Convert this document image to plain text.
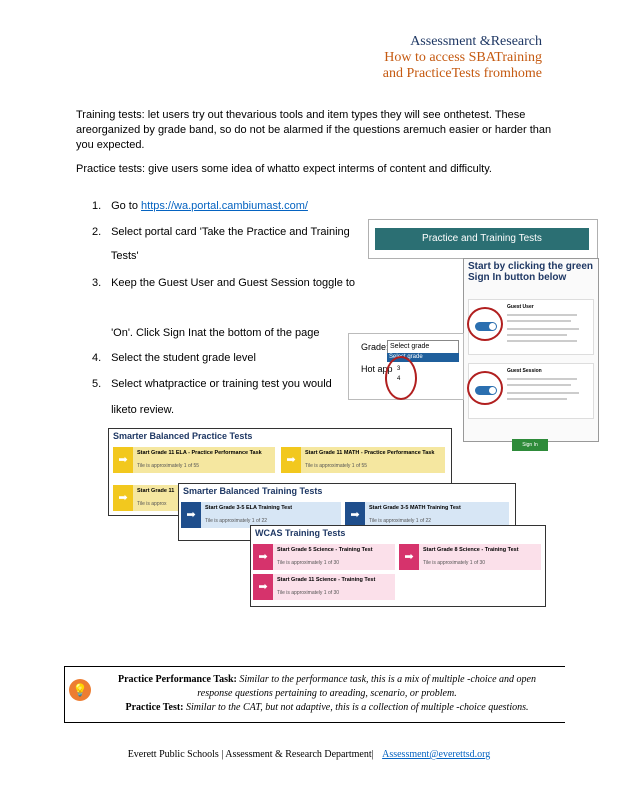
Assessment &Research
How to access SBATraining
and PracticeTests fromhome

Training tests: let users try out thevarious tools and item types they will see onthetest. These areorganized by grade band, so do not be alarmed if the questions aremuch easier or harder than you expected.

Practice tests: give users some idea of whatto expect interms of content and difficulty.

1. Go to https://wa.portal.cambiumast.com/
2. Select portal card 'Take the Practice and Training
Tests'
3. Keep the Guest User and Guest Session toggle to
'On'. Click Sign Inat the bottom of the page
4. Select the student grade level
5. Select whatpractice or training test you would
liketo review.
Practice and Training Tests
Start by clicking the green Sign In button below
Guest User
Guest Session
Sign In
Grade: Select grade
Select grade
Hot app 3
4
Smarter Balanced Practice Tests
➡
Start Grade 11 ELA - Practice Performance Task
Tile is approximately 1 of 55	➡
Start Grade 11 MATH - Practice Performance Task
Tile is approximately 1 of 55
➡
Start Grade 11
Tile is approx
Smarter Balanced Training Tests
➡
Start Grade 3-5 ELA Training Test
Tile is approximately 1 of 22	➡
Start Grade 3-5 MATH Training Test
Tile is approximately 1 of 22
WCAS Training Tests
➡
Start Grade 5 Science - Training Test
Tile is approximately 1 of 30	➡
Start Grade 8 Science - Training Test
Tile is approximately 1 of 30
➡
Start Grade 11 Science - Training Test
Tile is approximately 1 of 30
💡
Practice Performance Task: Similar to the performance task, this is a mix of multiple -choice and open response questions pertaining to areading, scenario, or problem.
Practice Test: Similar to the CAT, but not adaptive, this is a collection of multiple -choice questions.
Everett Public Schools | Assessment & Research Department| Assessment@everettsd.org
